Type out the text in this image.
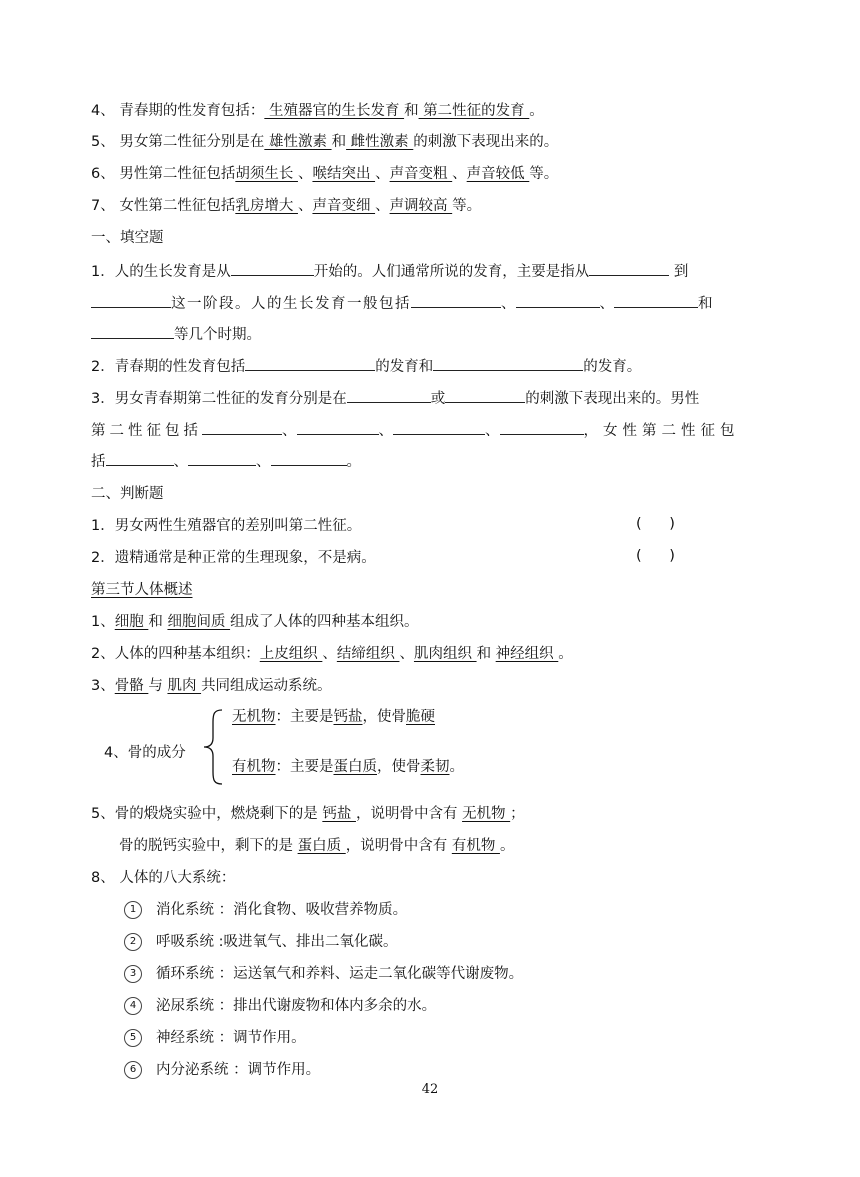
4、 青春期的性发育包括： 生殖器官的生长发育 和 第二性征的发育 。
5、 男女第二性征分别是在 雄性激素 和 雌性激素 的刺激下表现出来的。
6、 男性第二性征包括胡须生长 、喉结突出 、声音变粗 、声音较低 等。
7、 女性第二性征包括乳房增大 、声音变细 、声调较高 等。
一、填空题
1．人的生长发育是从	开始的。人们通常所说的发育，主要是指从	到
这一阶段。人的生长发育一般包括	、	、	和
等几个时期。
2．青春期的性发育包括	的发育和	的发育。
3．男女青春期第二性征的发育分别是在	或	的刺激下表现出来的。男性
第二性征包括	、	、	、	，女性第二性征包
括	、	、	。
二、判断题
1．男女两性生殖器官的差别叫第二性征。	(      )
2．遗精通常是种正常的生理现象，不是病。	(      )
第三节人体概述
1、细胞 和 细胞间质 组成了人体的四种基本组织。
2、人体的四种基本组织：上皮组织 、结缔组织 、肌肉组织 和 神经组织 。
3、骨骼 与 肌肉 共同组成运动系统。
4、骨的成分
无机物：主要是钙盐，使骨脆硬
有机物：主要是蛋白质，使骨柔韧。
5、骨的煅烧实验中，燃烧剩下的是 钙盐 ，说明骨中含有 无机物 ；
骨的脱钙实验中，剩下的是 蛋白质 ，说明骨中含有 有机物 。
8、 人体的八大系统：
1 消化系统 ：消化食物、吸收营养物质。
2 呼吸系统 :吸进氧气、排出二氧化碳。
3 循环系统 ：运送氧气和养料、运走二氧化碳等代谢废物。
4 泌尿系统 ：排出代谢废物和体内多余的水。
5 神经系统 ：调节作用。
6 内分泌系统 ：调节作用。
42
